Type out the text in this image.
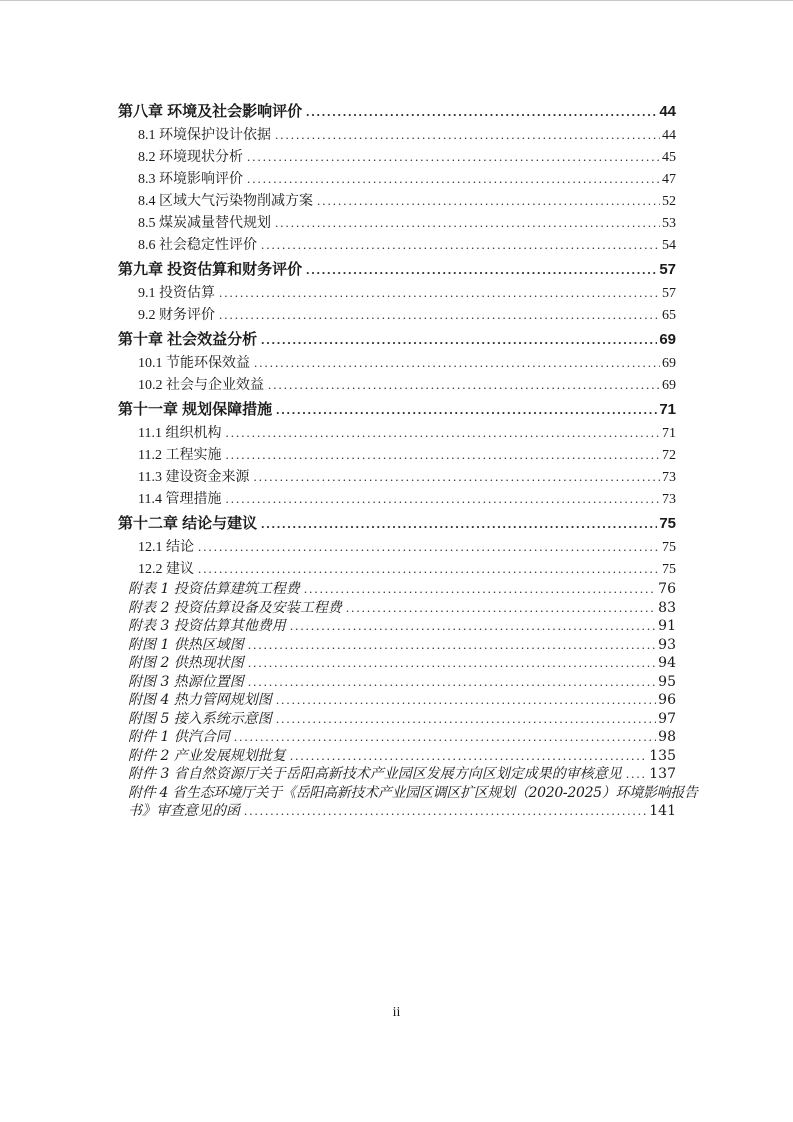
第八章 环境及社会影响评价 .....	44
8.1 环境保护设计依据 .....	44
8.2 环境现状分析 .....	45
8.3 环境影响评价 .....	47
8.4 区域大气污染物削减方案 .....	52
8.5 煤炭减量替代规划 .....	53
8.6 社会稳定性评价 .....	54
第九章 投资估算和财务评价 .....	57
9.1 投资估算 .....	57
9.2 财务评价 .....	65
第十章 社会效益分析 .....	69
10.1 节能环保效益 .....	69
10.2 社会与企业效益 .....	69
第十一章 规划保障措施 .....	71
11.1 组织机构 .....	71
11.2 工程实施 .....	72
11.3 建设资金来源 .....	73
11.4 管理措施 .....	73
第十二章 结论与建议 .....	75
12.1 结论 .....	75
12.2 建议 .....	75
附表 1 投资估算建筑工程费 .....	76
附表 2 投资估算设备及安装工程费 .....	83
附表 3 投资估算其他费用 .....	91
附图 1 供热区域图 .....	93
附图 2 供热现状图 .....	94
附图 3 热源位置图 .....	95
附图 4 热力管网规划图 .....	96
附图 5 接入系统示意图 .....	97
附件 1 供汽合同 .....	98
附件 2 产业发展规划批复 .....	135
附件 3 省自然资源厅关于岳阳高新技术产业园区发展方向区划定成果的审核意见 ..... 137
附件 4 省生态环境厅关于《岳阳高新技术产业园区调区扩区规划（2020-2025）环境影响报告
书》审查意见的函 .....	141
ii
